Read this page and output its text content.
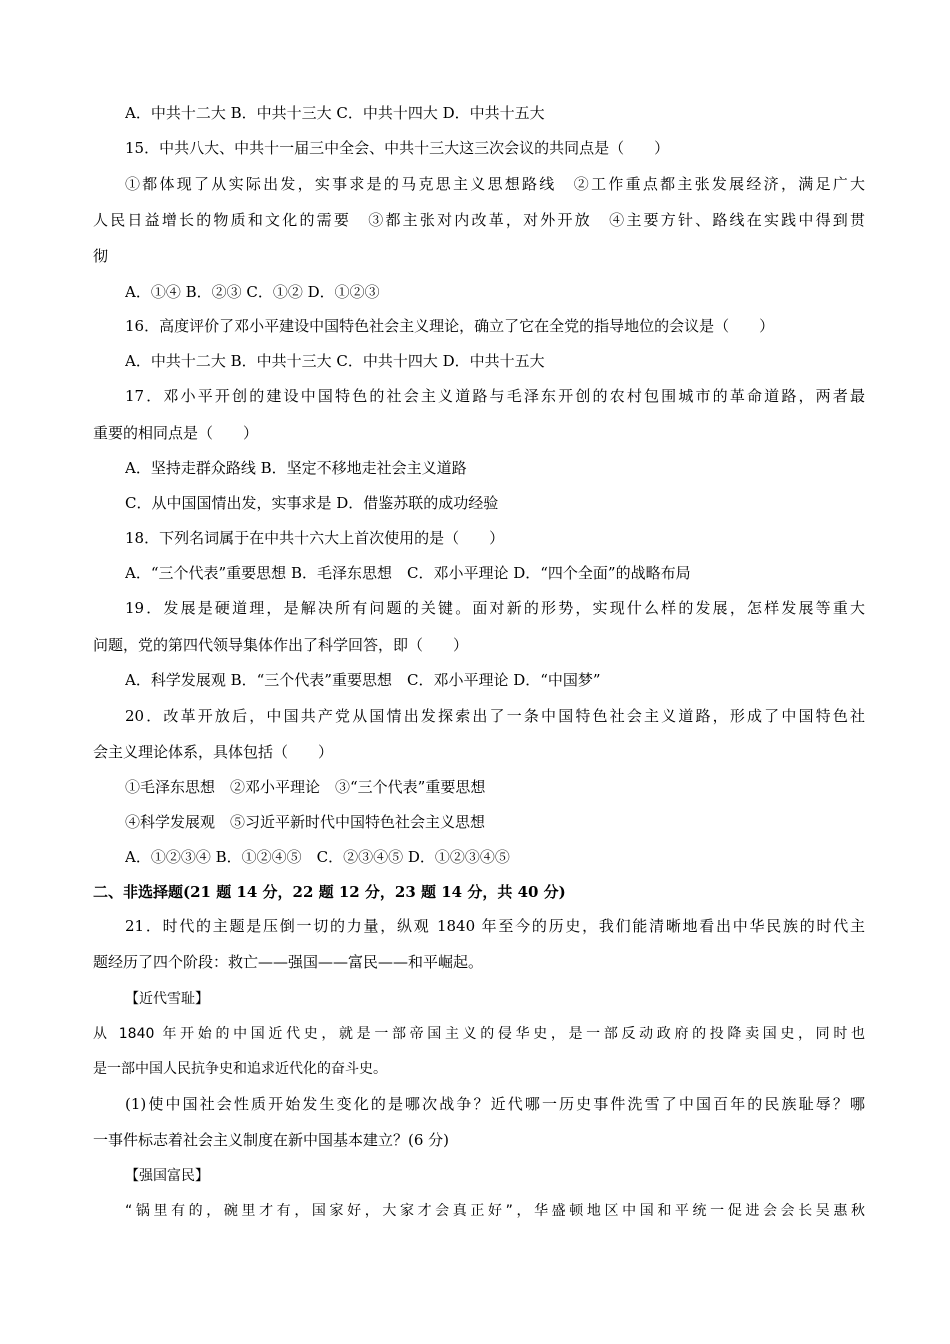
A．中共十二大 B．中共十三大 C．中共十四大 D．中共十五大
15．中共八大、中共十一届三中全会、中共十三大这三次会议的共同点是（　　）
①都体现了从实际出发，实事求是的马克思主义思想路线　②工作重点都主张发展经济，满足广大
人民日益增长的物质和文化的需要　③都主张对内改革，对外开放　④主要方针、路线在实践中得到贯
彻
A．①④ B．②③ C．①② D．①②③
16．高度评价了邓小平建设中国特色社会主义理论，确立了它在全党的指导地位的会议是（　　）
A．中共十二大 B．中共十三大 C．中共十四大 D．中共十五大
17．邓小平开创的建设中国特色的社会主义道路与毛泽东开创的农村包围城市的革命道路，两者最
重要的相同点是（　　）
A．坚持走群众路线 B．坚定不移地走社会主义道路
C．从中国国情出发，实事求是 D．借鉴苏联的成功经验
18．下列名词属于在中共十六大上首次使用的是（　　）
A．“三个代表”重要思想 B．毛泽东思想　C．邓小平理论 D．“四个全面”的战略布局
19．发展是硬道理，是解决所有问题的关键。面对新的形势，实现什么样的发展，怎样发展等重大
问题，党的第四代领导集体作出了科学回答，即（　　）
A．科学发展观 B．“三个代表”重要思想　C．邓小平理论 D．“中国梦”
20．改革开放后，中国共产党从国情出发探索出了一条中国特色社会主义道路，形成了中国特色社
会主义理论体系，具体包括（　　）
①毛泽东思想　②邓小平理论　③“三个代表”重要思想
④科学发展观　⑤习近平新时代中国特色社会主义思想
A．①②③④ B．①②④⑤　C．②③④⑤ D．①②③④⑤
二、非选择题(21 题 14 分，22 题 12 分，23 题 14 分，共 40 分)
21．时代的主题是压倒一切的力量，纵观 1840 年至今的历史，我们能清晰地看出中华民族的时代主
题经历了四个阶段：救亡——强国——富民——和平崛起。
【近代雪耻】
从 1840 年开始的中国近代史，就是一部帝国主义的侵华史，是一部反动政府的投降卖国史，同时也
是一部中国人民抗争史和追求近代化的奋斗史。
(1)使中国社会性质开始发生变化的是哪次战争？近代哪一历史事件洗雪了中国百年的民族耻辱？哪
一事件标志着社会主义制度在新中国基本建立？(6 分)
【强国富民】
“锅里有的，碗里才有，国家好，大家才会真正好”，华盛顿地区中国和平统一促进会会长吴惠秋
